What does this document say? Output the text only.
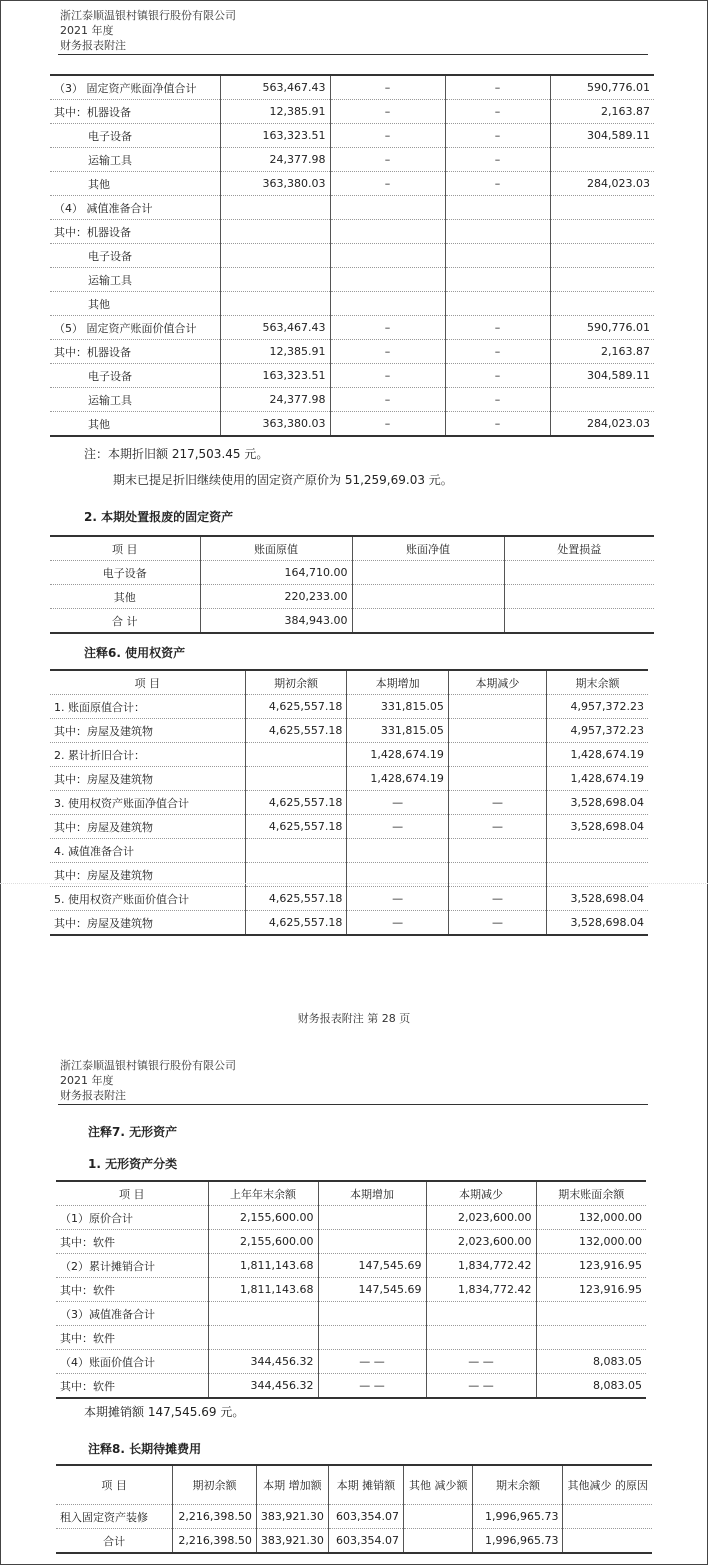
浙江泰顺温银村镇银行股份有限公司
2021 年度
财务报表附注
（3） 固定资产账面净值合计	563,467.43	–	–	590,776.01
其中：机器设备	12,385.91	–	–	2,163.87
电子设备	163,323.51	–	–	304,589.11
运输工具	24,377.98	–	–	
其他	363,380.03	–	–	284,023.03
（4） 减值准备合计				
其中：机器设备				
电子设备				
运输工具				
其他				
（5） 固定资产账面价值合计	563,467.43	–	–	590,776.01
其中：机器设备	12,385.91	–	–	2,163.87
电子设备	163,323.51	–	–	304,589.11
运输工具	24,377.98	–	–	
其他	363,380.03	–	–	284,023.03
注：本期折旧额 217,503.45 元。
期末已提足折旧继续使用的固定资产原价为 51,259,69.03 元。
2. 本期处置报废的固定资产
项 目	账面原值	账面净值	处置损益
电子设备	164,710.00		
其他	220,233.00		
合 计	384,943.00		
注释6. 使用权资产
项 目	期初余额	本期增加	本期减少	期末余额
1. 账面原值合计：	4,625,557.18	331,815.05		4,957,372.23
其中：房屋及建筑物	4,625,557.18	331,815.05		4,957,372.23
2. 累计折旧合计：		1,428,674.19		1,428,674.19
其中：房屋及建筑物		1,428,674.19		1,428,674.19
3. 使用权资产账面净值合计	4,625,557.18	—	—	3,528,698.04
其中：房屋及建筑物	4,625,557.18	—	—	3,528,698.04
4. 减值准备合计				
其中：房屋及建筑物				
5. 使用权资产账面价值合计	4,625,557.18	—	—	3,528,698.04
其中：房屋及建筑物	4,625,557.18	—	—	3,528,698.04
财务报表附注 第 28 页
浙江泰顺温银村镇银行股份有限公司
2021 年度
财务报表附注
注释7. 无形资产
1. 无形资产分类
项 目	上年年末余额	本期增加	本期减少	期末账面余额
（1）原价合计	2,155,600.00		2,023,600.00	132,000.00
其中：软件	2,155,600.00		2,023,600.00	132,000.00
（2）累计摊销合计	1,811,143.68	147,545.69	1,834,772.42	123,916.95
其中：软件	1,811,143.68	147,545.69	1,834,772.42	123,916.95
（3）减值准备合计				
其中：软件				
（4）账面价值合计	344,456.32	— —	— —	8,083.05
其中：软件	344,456.32	— —	— —	8,083.05
本期摊销额 147,545.69 元。
注释8. 长期待摊费用
项 目	期初余额	本期 增加额	本期 摊销额	其他 减少额	期末余额	其他减少 的原因
租入固定资产装修	2,216,398.50	383,921.30	603,354.07		1,996,965.73	
合计	2,216,398.50	383,921.30	603,354.07		1,996,965.73	
